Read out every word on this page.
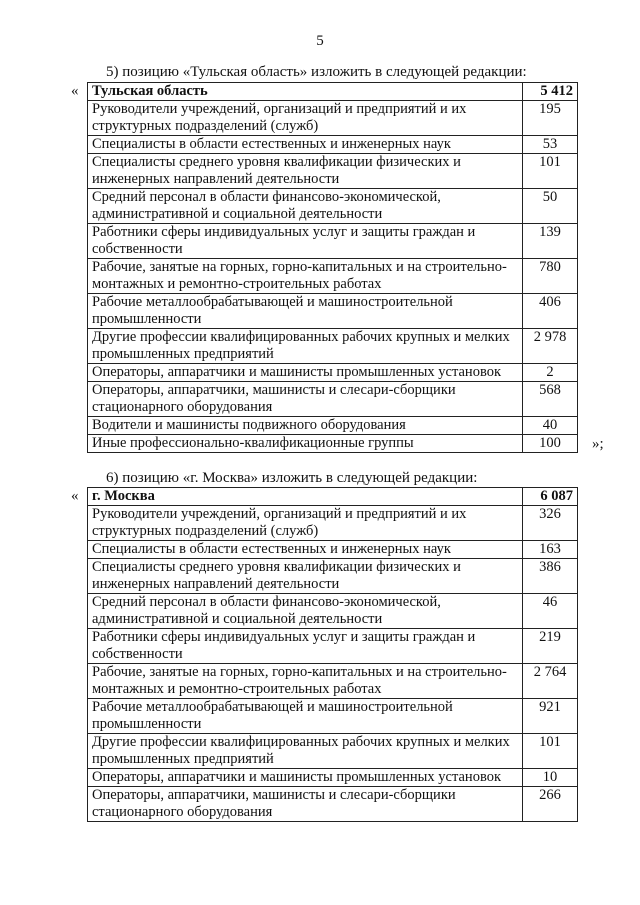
5
5) позицию «Тульская область» изложить в следующей редакции:
« Тульская область	5 412
Руководители учреждений, организаций и предприятий и их структурных подразделений (служб)	195
Специалисты в области естественных и инженерных наук	53
Специалисты среднего уровня квалификации физических и инженерных направлений деятельности	101
Средний персонал в области финансово-экономической, административной и социальной деятельности	50
Работники сферы индивидуальных услуг и защиты граждан и собственности	139
Рабочие, занятые на горных, горно-капитальных и на строительно-монтажных и ремонтно-строительных работах	780
Рабочие металлообрабатывающей и машиностроительной промышленности	406
Другие профессии квалифицированных рабочих крупных и мелких промышленных предприятий	2 978
Операторы, аппаратчики и машинисты промышленных установок	2
Операторы, аппаратчики, машинисты и слесари-сборщики стационарного оборудования	568
Водители и машинисты подвижного оборудования	40
Иные профессионально-квалификационные группы	100 »;
6) позицию «г. Москва» изложить в следующей редакции:
« г. Москва	6 087
Руководители учреждений, организаций и предприятий и их структурных подразделений (служб)	326
Специалисты в области естественных и инженерных наук	163
Специалисты среднего уровня квалификации физических и инженерных направлений деятельности	386
Средний персонал в области финансово-экономической, административной и социальной деятельности	46
Работники сферы индивидуальных услуг и защиты граждан и собственности	219
Рабочие, занятые на горных, горно-капитальных и на строительно-монтажных и ремонтно-строительных работах	2 764
Рабочие металлообрабатывающей и машиностроительной промышленности	921
Другие профессии квалифицированных рабочих крупных и мелких промышленных предприятий	101
Операторы, аппаратчики и машинисты промышленных установок	10
Операторы, аппаратчики, машинисты и слесари-сборщики стационарного оборудования	266
